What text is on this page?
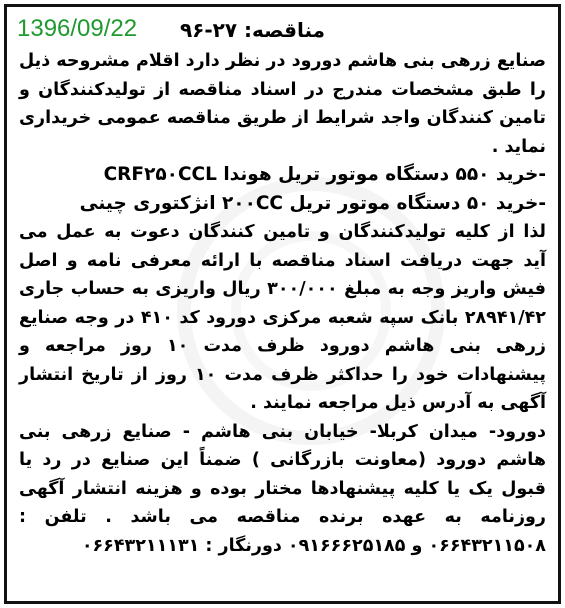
1396/09/22	مناقصه: ۲۷-۹۶

صنایع زرهی بنی هاشم دورود در نظر دارد اقلام مشروحه ذیل را طبق مشخصات مندرج در اسناد مناقصه از تولیدکنندگان و تامین کنندگان واجد شرایط از طریق مناقصه عمومی خریداری نماید .

-خرید ۵۵۰ دستگاه موتور تریل هوندا CRF۲۵۰CCL

-خرید ۵۰ دستگاه موتور تریل ۲۰۰CC انژکتوری چینی

لذا از کلیه تولیدکنندگان و تامین کنندگان دعوت به عمل می آید جهت دریافت اسناد مناقصه با ارائه معرفی نامه و اصل فیش واریز وجه به مبلغ ۳۰۰/۰۰۰ ریال واریزی به حساب جاری ۲۸۹۴۱/۴۲ بانک سپه شعبه مرکزی دورود کد ۴۱۰ در وجه صنایع زرهی بنی هاشم دورود ظرف مدت ۱۰ روز مراجعه و پیشنهادات خود را حداکثر ظرف مدت ۱۰ روز از تاریخ انتشار آگهی به آدرس ذیل مراجعه نمایند .

دورود- میدان کربلا- خیابان بنی هاشم - صنایع زرهی بنی هاشم دورود (معاونت بازرگانی ) ضمناً این صنایع در رد یا قبول یک یا کلیه پیشنهادها مختار بوده و هزینه انتشار آگهی روزنامه به عهده برنده مناقصه می باشد . تلفن : ۰۶۶۴۳۲۱۱۵۰۸ و ۰۹۱۶۶۶۲۵۱۸۵ دورنگار : ۰۶۶۴۳۲۱۱۱۳۱
